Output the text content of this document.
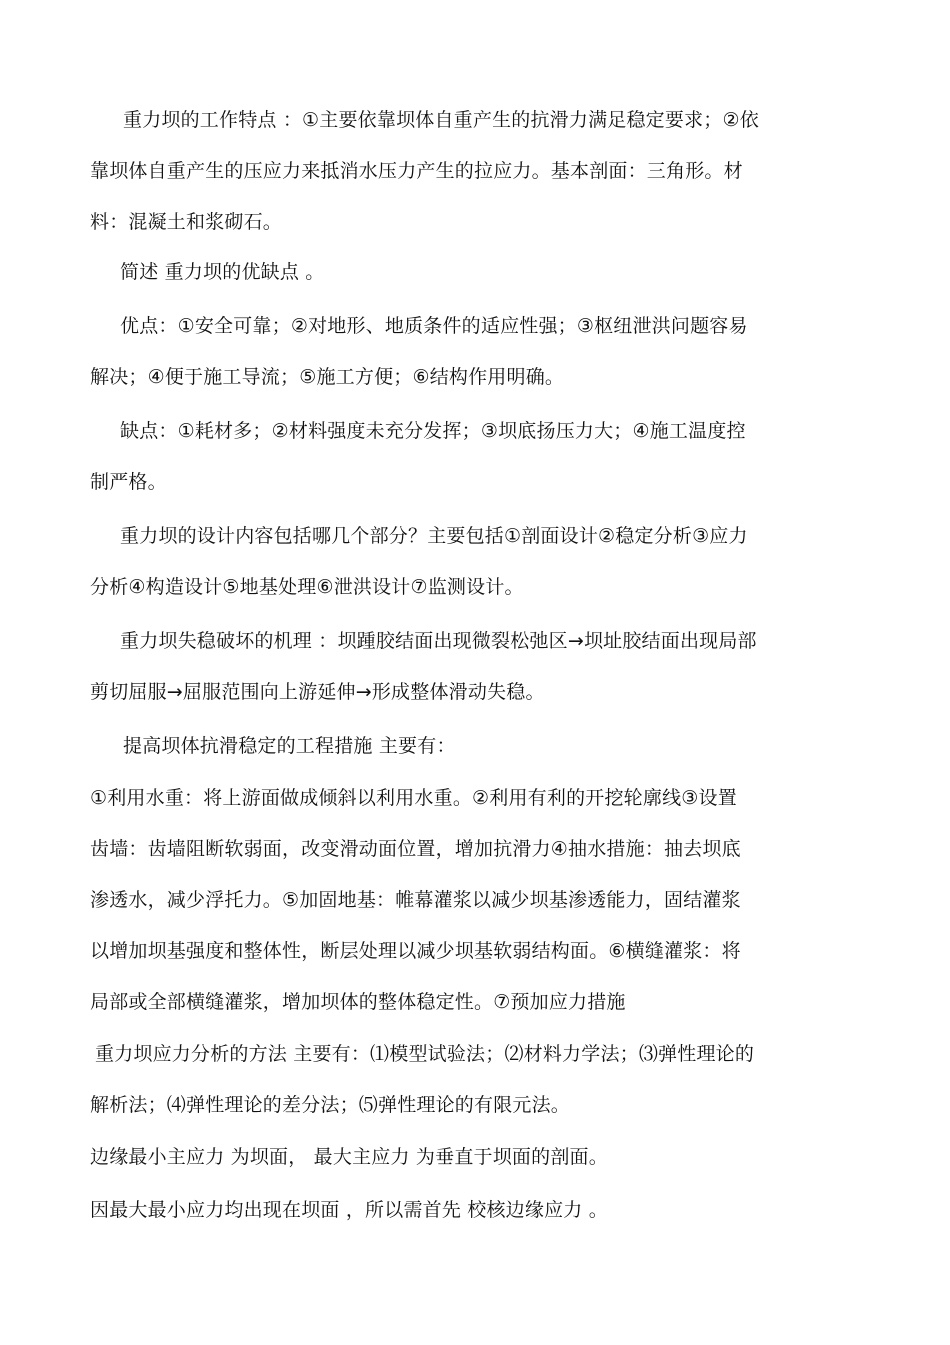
重力坝的工作特点 ：①主要依靠坝体自重产生的抗滑力满足稳定要求；②依
靠坝体自重产生的压应力来抵消水压力产生的拉应力。基本剖面：三角形。材
料：混凝土和浆砌石。

简述 重力坝的优缺点 。

优点：①安全可靠；②对地形、地质条件的适应性强；③枢纽泄洪问题容易
解决；④便于施工导流；⑤施工方便；⑥结构作用明确。

缺点：①耗材多；②材料强度未充分发挥；③坝底扬压力大；④施工温度控
制严格。

重力坝的设计内容包括哪几个部分？主要包括①剖面设计②稳定分析③应力
分析④构造设计⑤地基处理⑥泄洪设计⑦监测设计。

重力坝失稳破坏的机理 ：坝踵胶结面出现微裂松弛区→坝址胶结面出现局部
剪切屈服→屈服范围向上游延伸→形成整体滑动失稳。

提高坝体抗滑稳定的工程措施 主要有：

①利用水重：将上游面做成倾斜以利用水重。②利用有利的开挖轮廓线③设置
齿墙：齿墙阻断软弱面，改变滑动面位置，增加抗滑力④抽水措施：抽去坝底
渗透水，减少浮托力。⑤加固地基：帷幕灌浆以减少坝基渗透能力，固结灌浆
以增加坝基强度和整体性，断层处理以减少坝基软弱结构面。⑥横缝灌浆：将
局部或全部横缝灌浆，增加坝体的整体稳定性。⑦预加应力措施

重力坝应力分析的方法 主要有：⑴模型试验法；⑵材料力学法；⑶弹性理论的
解析法；⑷弹性理论的差分法；⑸弹性理论的有限元法。

边缘最小主应力 为坝面， 最大主应力 为垂直于坝面的剖面。

因最大最小应力均出现在坝面 ，所以需首先 校核边缘应力 。
